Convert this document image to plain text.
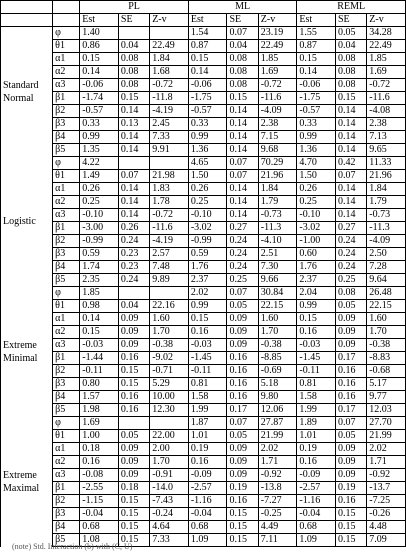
		PL			ML			REML		
		Est	SE	Z-v	Est	SE	Z-v	Est	SE	Z-v
Standard
Normal	φ	1.40			1.54	0.07	23.19	1.55	0.05	34.28
	θ1	0.86	0.04	22.49	0.87	0.04	22.49	0.87	0.04	22.49
	α1	0.15	0.08	1.84	0.15	0.08	1.85	0.15	0.08	1.85
	α2	0.14	0.08	1.68	0.14	0.08	1.69	0.14	0.08	1.69
	α3	-0.06	0.08	-0.72	-0.06	0.08	-0.72	-0.06	0.08	-0.72
	β1	-1.74	0.15	-11.8	-1.75	0.15	-11.6	-1.75	0.15	-11.6
	β2	-0.57	0.14	-4.19	-0.57	0.14	-4.09	-0.57	0.14	-4.08
	β3	0.33	0.13	2.45	0.33	0.14	2.38	0.33	0.14	2.38
	β4	0.99	0.14	7.33	0.99	0.14	7.15	0.99	0.14	7.13
	β5	1.35	0.14	9.91	1.36	0.14	9.68	1.36	0.14	9.65
Logistic	φ	4.22			4.65	0.07	70.29	4.70	0.42	11.33
	θ1	1.49	0.07	21.98	1.50	0.07	21.96	1.50	0.07	21.96
	α1	0.26	0.14	1.83	0.26	0.14	1.84	0.26	0.14	1.84
	α2	0.25	0.14	1.78	0.25	0.14	1.79	0.25	0.14	1.79
	α3	-0.10	0.14	-0.72	-0.10	0.14	-0.73	-0.10	0.14	-0.73
	β1	-3.00	0.26	-11.6	-3.02	0.27	-11.3	-3.02	0.27	-11.3
	β2	-0.99	0.24	-4.19	-0.99	0.24	-4.10	-1.00	0.24	-4.09
	β3	0.59	0.23	2.57	0.59	0.24	2.51	0.60	0.24	2.50
	β4	1.74	0.23	7.48	1.76	0.24	7.30	1.76	0.24	7.28
	β5	2.35	0.24	9.89	2.37	0.25	9.66	2.37	0.25	9.64
Extreme
Minimal	φ	1.85			2.02	0.07	30.84	2.04	0.08	26.48
	θ1	0.98	0.04	22.16	0.99	0.05	22.15	0.99	0.05	22.15
	α1	0.14	0.09	1.60	0.15	0.09	1.60	0.15	0.09	1.60
	α2	0.15	0.09	1.70	0.16	0.09	1.70	0.16	0.09	1.70
	α3	-0.03	0.09	-0.38	-0.03	0.09	-0.38	-0.03	0.09	-0.38
	β1	-1.44	0.16	-9.02	-1.45	0.16	-8.85	-1.45	0.17	-8.83
	β2	-0.11	0.15	-0.71	-0.11	0.16	-0.69	-0.11	0.16	-0.68
	β3	0.80	0.15	5.29	0.81	0.16	5.18	0.81	0.16	5.17
	β4	1.57	0.16	10.00	1.58	0.16	9.80	1.58	0.16	9.77
	β5	1.98	0.16	12.30	1.99	0.17	12.06	1.99	0.17	12.03
Extreme
Maximal	φ	1.69			1.87	0.07	27.87	1.89	0.07	27.70
	θ1	1.00	0.05	22.00	1.01	0.05	21.99	1.01	0.05	21.99
	α1	0.18	0.09	2.00	0.19	0.09	2.02	0.19	0.09	2.02
	α2	0.16	0.09	1.70	0.16	0.09	1.71	0.16	0.09	1.71
	α3	-0.08	0.09	-0.91	-0.09	0.09	-0.92	-0.09	0.09	-0.92
	β1	-2.55	0.18	-14.0	-2.57	0.19	-13.8	-2.57	0.19	-13.7
	β2	-1.15	0.15	-7.43	-1.16	0.16	-7.27	-1.16	0.16	-7.25
	β3	-0.04	0.15	-0.24	-0.04	0.15	-0.25	-0.04	0.15	-0.26
	β4	0.68	0.15	4.64	0.68	0.15	4.49	0.68	0.15	4.48
	β5	1.08	0.15	7.33	1.09	0.15	7.11	1.09	0.15	7.09
(note) Std. Interaction (b) with (C, U)
